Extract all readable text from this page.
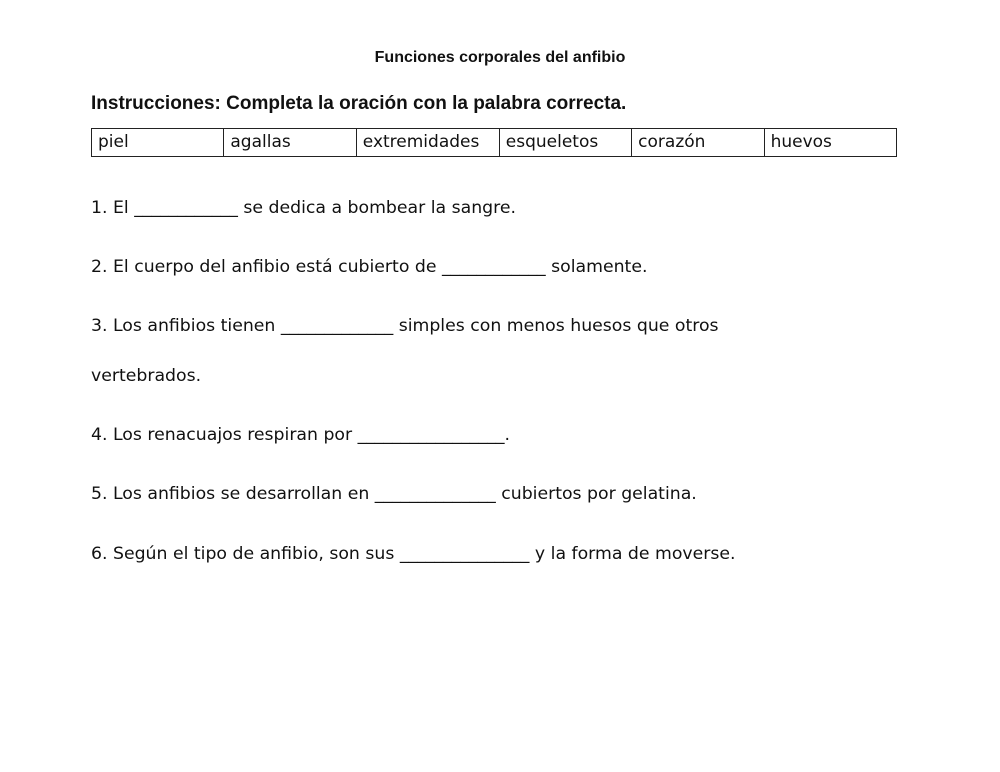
Funciones corporales del anfibio
Instrucciones: Completa la oración con la palabra correcta.
piel	agallas	extremidades	esqueletos	corazón	huevos
1. El ____________ se dedica a bombear la sangre.
2. El cuerpo del anfibio está cubierto de ____________ solamente.
3. Los anfibios tienen _____________ simples con menos huesos que otros
vertebrados.
4. Los renacuajos respiran por _________________.
5. Los anfibios se desarrollan en ______________ cubiertos por gelatina.
6. Según el tipo de anfibio, son sus _______________ y la forma de moverse.
